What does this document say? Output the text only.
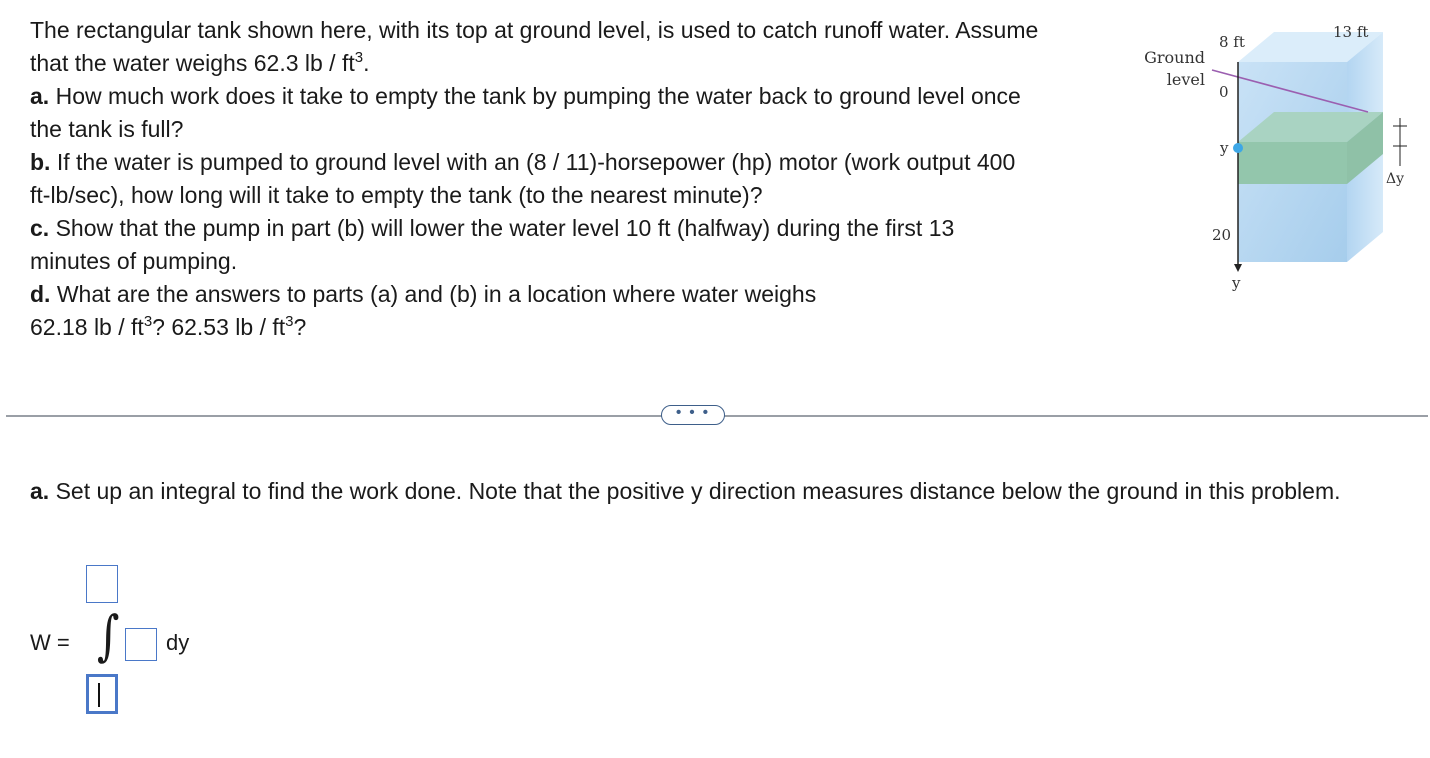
The rectangular tank shown here, with its top at ground level, is used to catch runoff water. Assume that the water weighs 62.3 lb / $ft^3$.

a. How much work does it take to empty the tank by pumping the water back to ground level once the tank is full?

b. If the water is pumped to ground level with an (8 / 11)-horsepower (hp) motor (work output 400 ft-lb/sec), how long will it take to empty the tank (to the nearest minute)?

c. Show that the pump in part (b) will lower the water level 10 ft (halfway) during the first 13 minutes of pumping.

d. What are the answers to parts (a) and (b) in a location where water weighs

62.18 lb / $ft^3$? 62.53 lb / $ft^3$?

8 ft
13 ft
Ground
level
0
y
20
y
Δy
• • •
a. Set up an integral to find the work done. Note that the positive y direction measures distance below the ground in this problem.
W = ∫ dy
